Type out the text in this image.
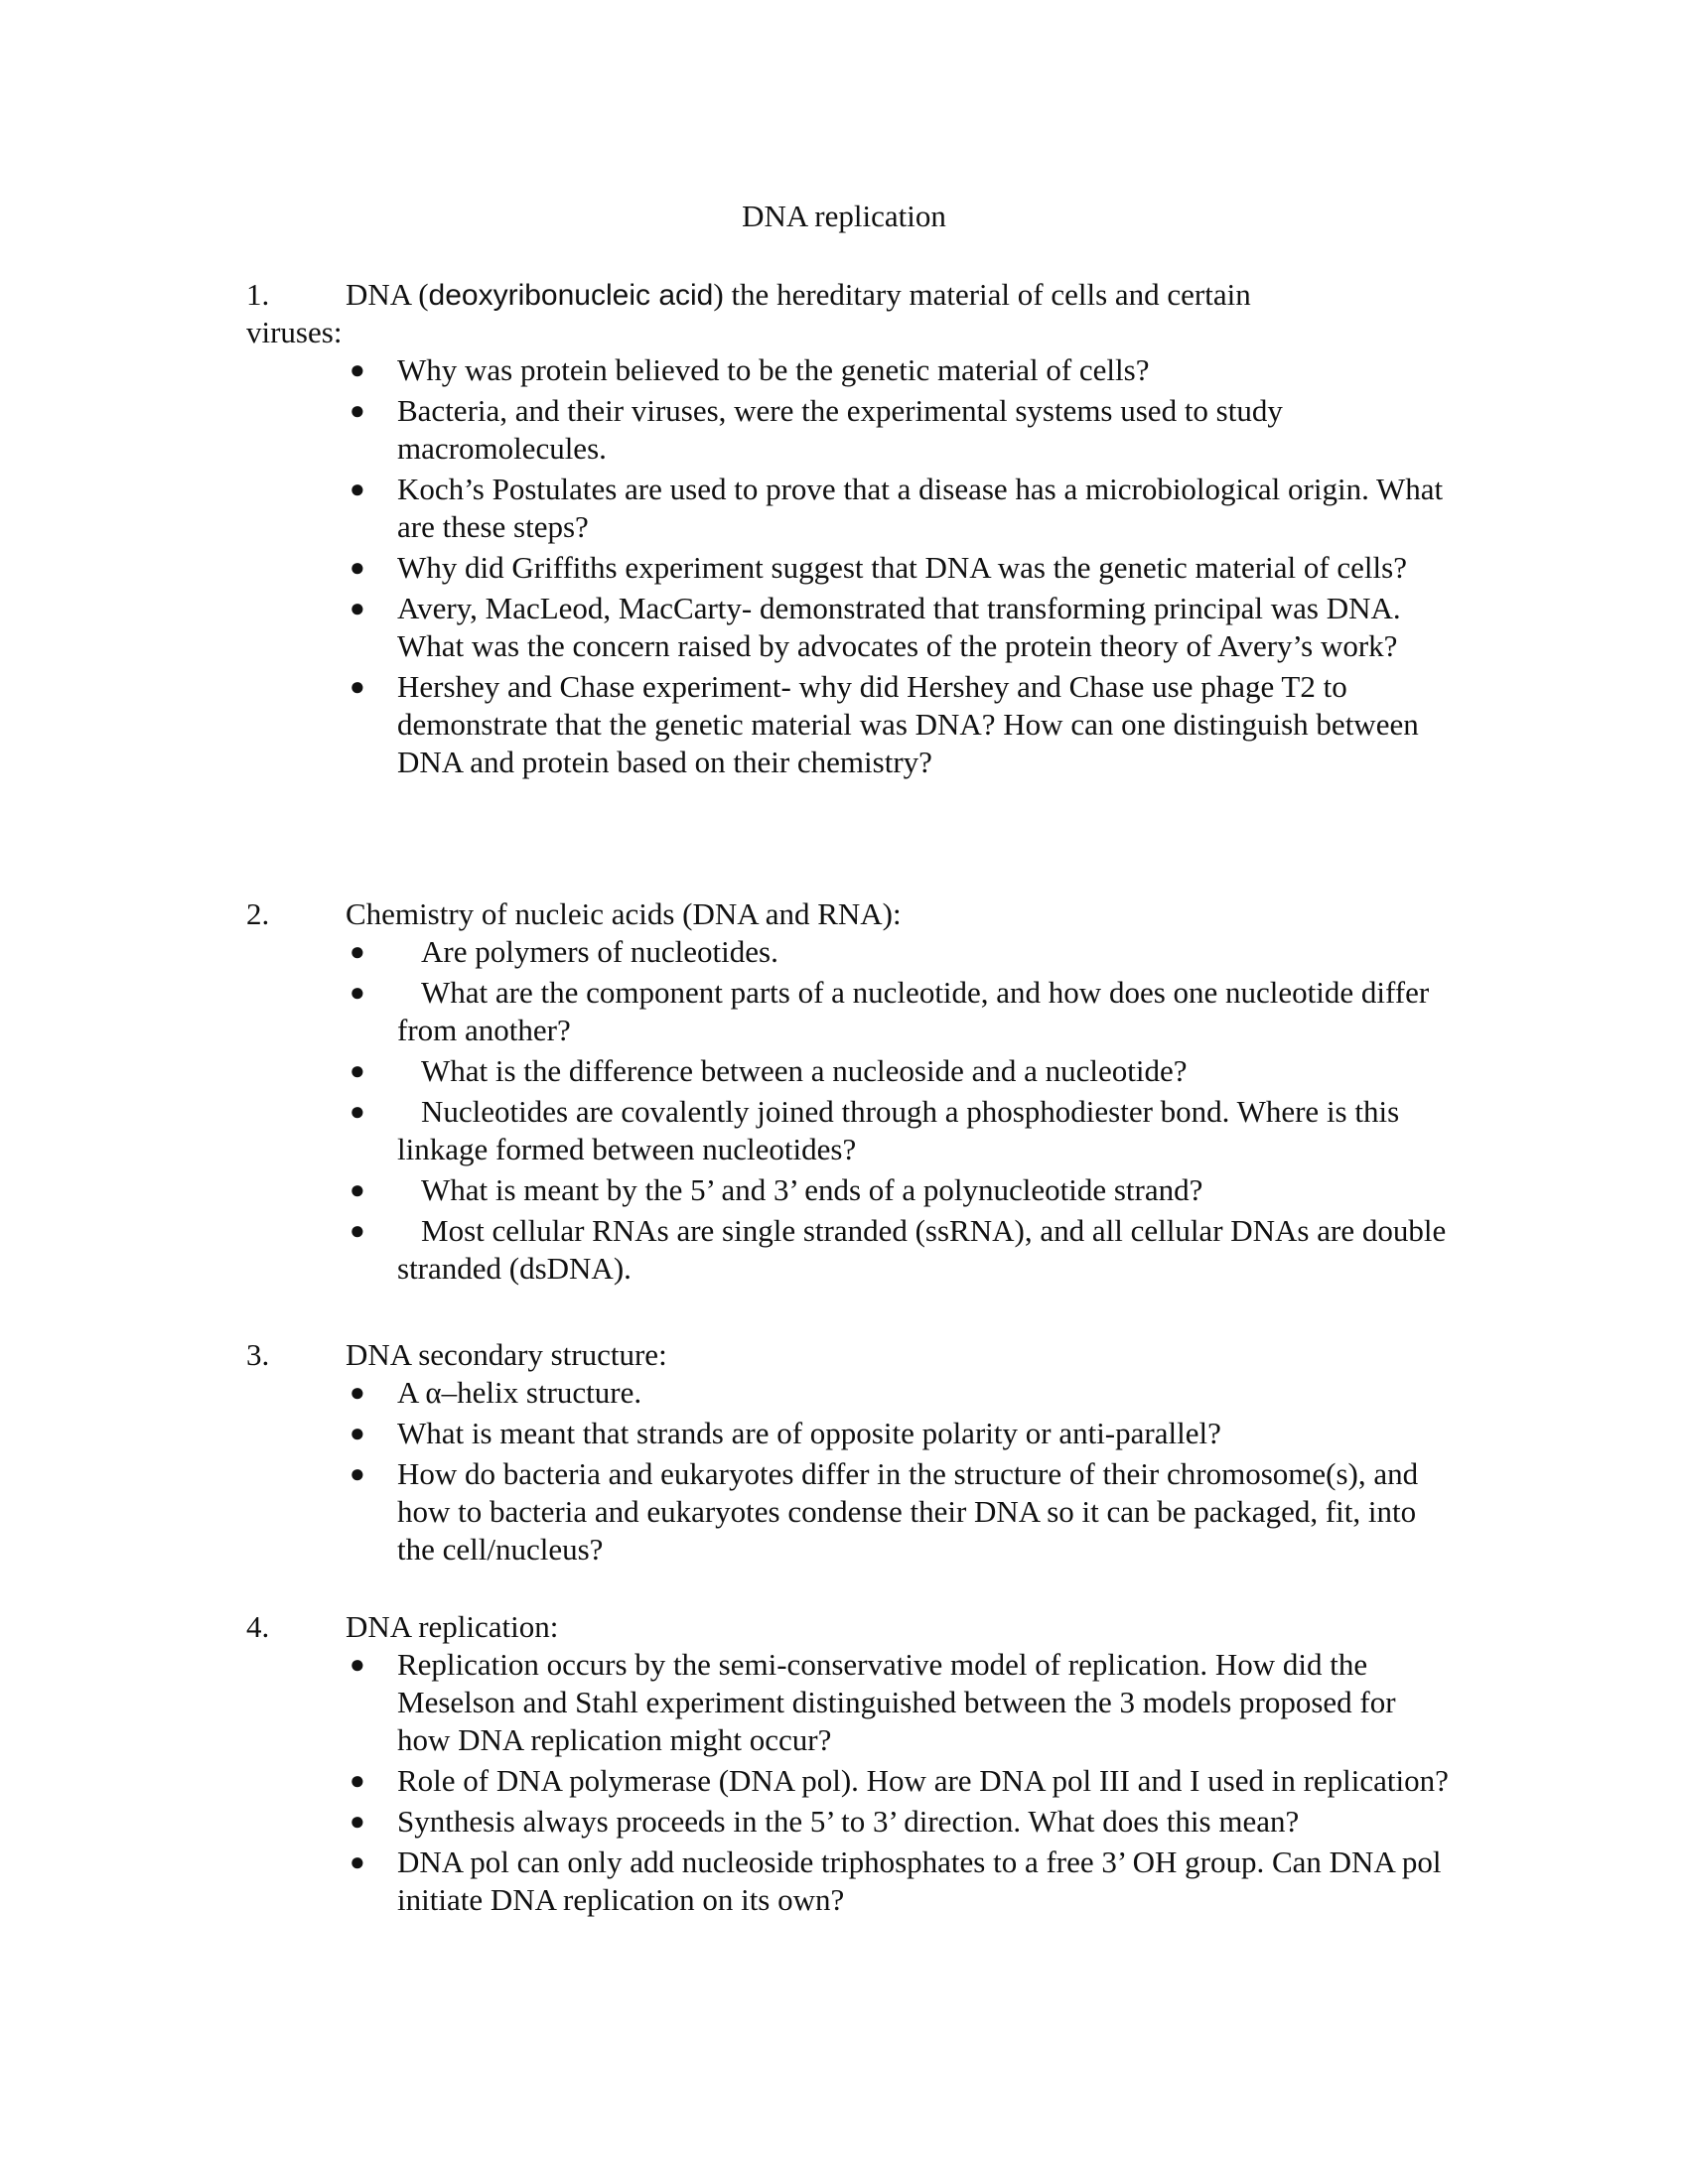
DNA replication
1. DNA (deoxyribonucleic acid) the hereditary material of cells and certain
viruses:
● Why was protein believed to be the genetic material of cells?
● Bacteria, and their viruses, were the experimental systems used to study macromolecules.
● Koch’s Postulates are used to prove that a disease has a microbiological origin. What are these steps?
● Why did Griffiths experiment suggest that DNA was the genetic material of cells?
● Avery, MacLeod, MacCarty- demonstrated that transforming principal was DNA. What was the concern raised by advocates of the protein theory of Avery’s work?
● Hershey and Chase experiment- why did Hershey and Chase use phage T2 to demonstrate that the genetic material was DNA? How can one distinguish between DNA and protein based on their chemistry?
2. Chemistry of nucleic acids (DNA and RNA):
● Are polymers of nucleotides.
● What are the component parts of a nucleotide, and how does one nucleotide differ from another?
● What is the difference between a nucleoside and a nucleotide?
● Nucleotides are covalently joined through a phosphodiester bond. Where is this linkage formed between nucleotides?
● What is meant by the 5’ and 3’ ends of a polynucleotide strand?
● Most cellular RNAs are single stranded (ssRNA), and all cellular DNAs are double stranded (dsDNA).
3. DNA secondary structure:
● A α–helix structure.
● What is meant that strands are of opposite polarity or anti-parallel?
● How do bacteria and eukaryotes differ in the structure of their chromosome(s), and how to bacteria and eukaryotes condense their DNA so it can be packaged, fit, into the cell/nucleus?
4. DNA replication:
● Replication occurs by the semi-conservative model of replication. How did the Meselson and Stahl experiment distinguished between the 3 models proposed for how DNA replication might occur?
● Role of DNA polymerase (DNA pol). How are DNA pol III and I used in replication?
● Synthesis always proceeds in the 5’ to 3’ direction. What does this mean?
● DNA pol can only add nucleoside triphosphates to a free 3’ OH group. Can DNA pol initiate DNA replication on its own?
